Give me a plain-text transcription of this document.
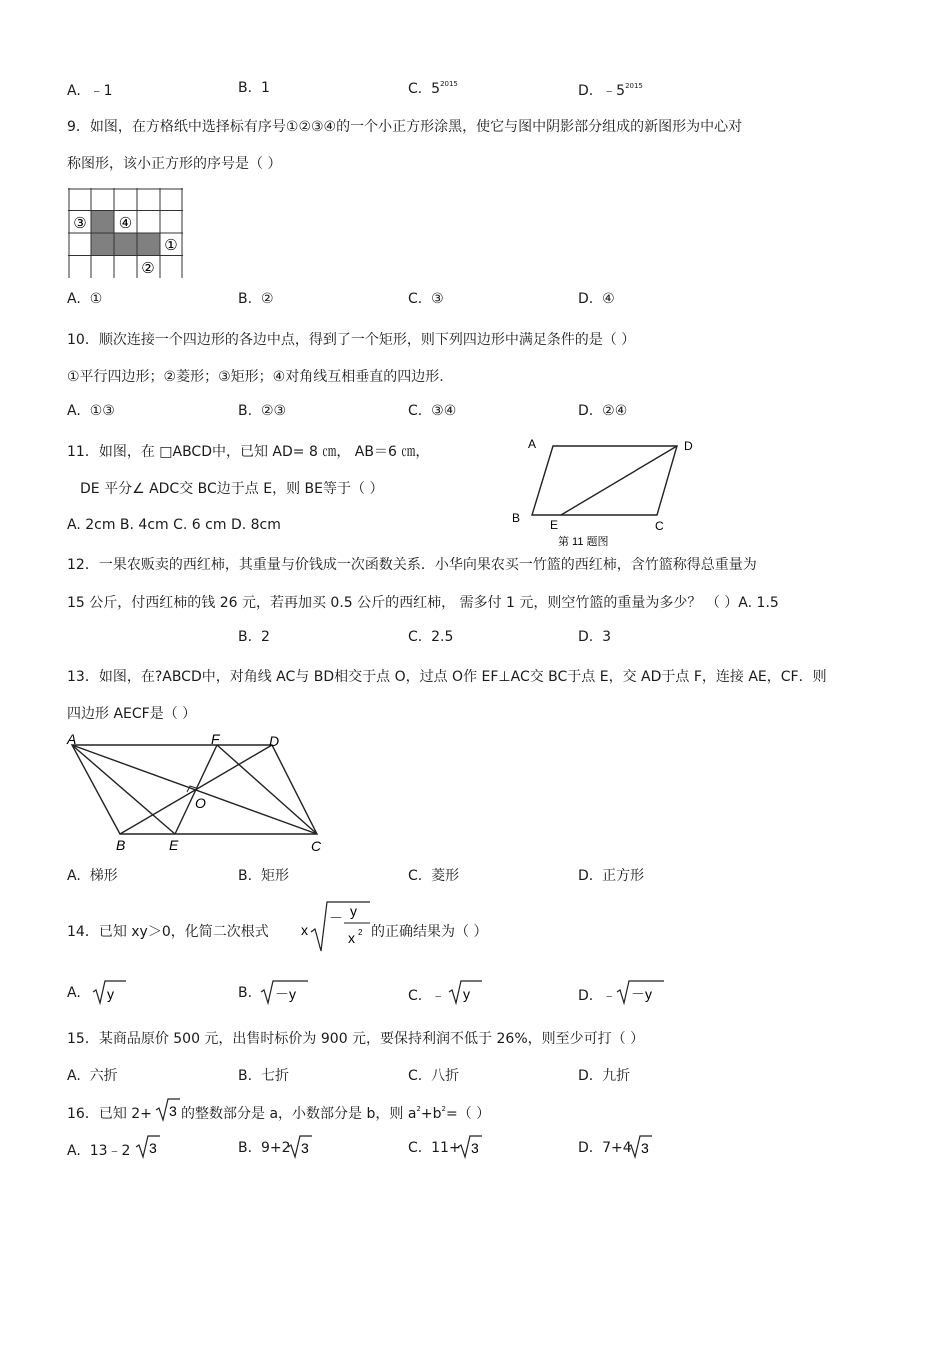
A. ﹣1	B. 1	C. $5^{2015}$	D. $﹣5^{2015}$
9．如图，在方格纸中选择标有序号①②③④的一个小正方形涂黑，使它与图中阴影部分组成的新图形为中心对
称图形，该小正方形的序号是（ ）
③ ④
①
②
A. ①	B. ②	C. ③	D. ④
10．顺次连接一个四边形的各边中点，得到了一个矩形，则下列四边形中满足条件的是（ ）
①平行四边形；②菱形；③矩形；④对角线互相垂直的四边形.
A. ①③	B. ②③	C. ③④	D. ②④
11．如图，在 □ABCD中，已知 AD= 8 ㎝， AB＝6 ㎝，
DE 平分∠ ADC交 BC边于点 E，则 BE等于（ ）
A. 2cm B. 4cm C. 6 cm D. 8cm
A	D
B E	C
第 11 题图
12．一果农贩卖的西红柿，其重量与价钱成一次函数关系．小华向果农买一竹篮的西红柿，含竹篮称得总重量为
15 公斤，付西红柿的钱 26 元，若再加买 0.5 公斤的西红柿， 需多付 1 元，则空竹篮的重量为多少？ （ ）A. 1.5
B. 2	C. 2.5	D. 3
13．如图，在?ABCD中，对角线 AC与 BD相交于点 O，过点 O作 EF⊥AC交 BC于点 E，交 AD于点 F，连接 AE，CF．则
四边形 AECF是（ ）
A	F	D
O
B	E	C
A. 梯形	B. 矩形	C. 菱形	D. 正方形
14．已知 xy＞0，化简二次根式 x
－ y
x 2 的正确结果为（ ）
A. y	B. －y	C. ﹣ y	D. ﹣ －y
15．某商品原价 500 元，出售时标价为 900 元，要保持利润不低于 26%，则至少可打（ ）
A. 六折	B. 七折	C. 八折	D. 九折
16．已知 2+ 3 的整数部分是 a，小数部分是 b，则 $a^2+b^2=$（ ）
A. 13﹣2 3	B. 9+2 3	C. 11+ 3	D. 7+4 3
